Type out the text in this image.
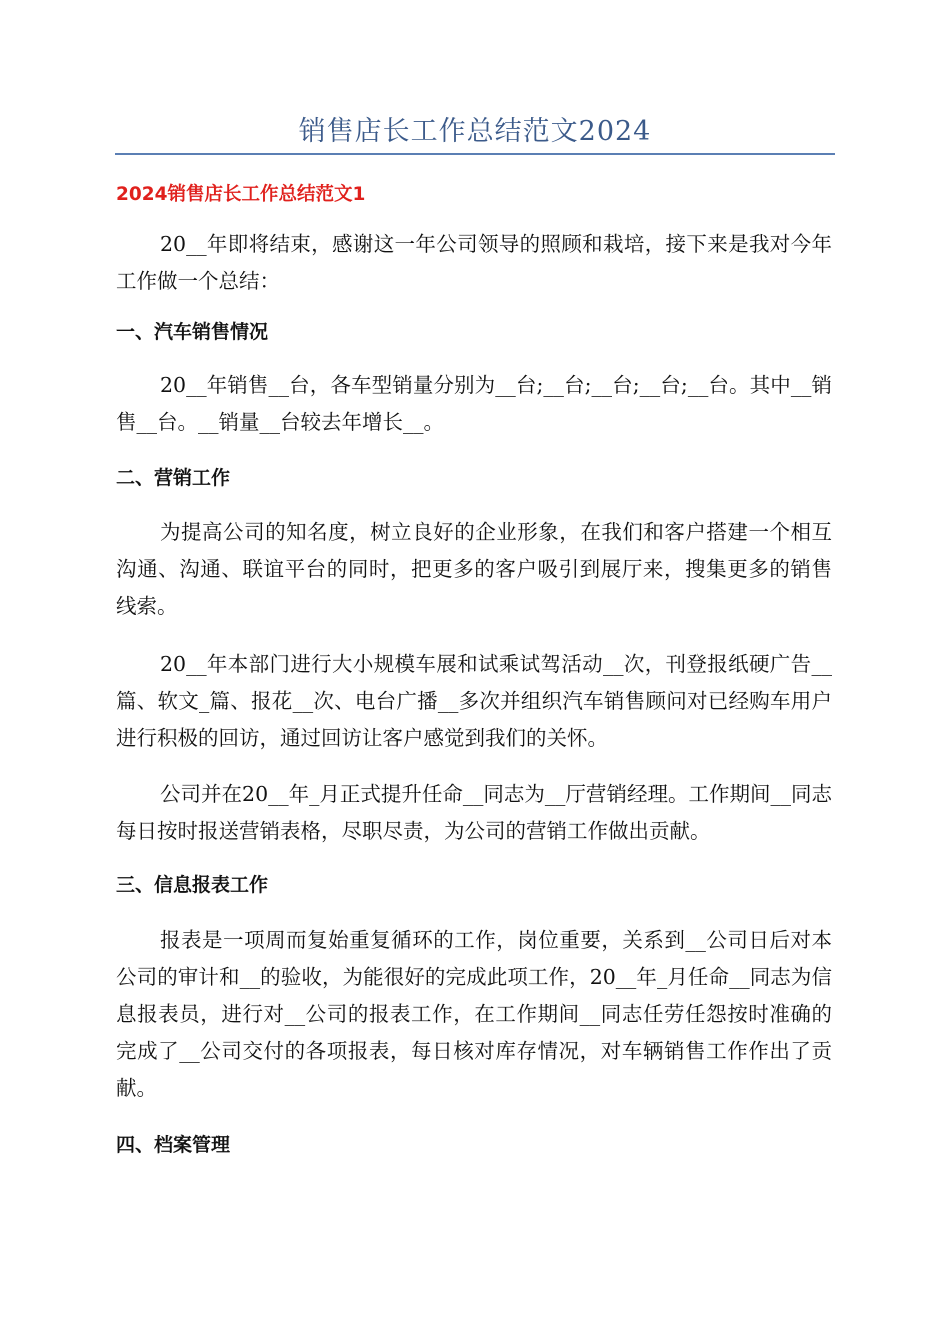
销售店长工作总结范文2024
2024销售店长工作总结范文1

20__年即将结束，感谢这一年公司领导的照顾和栽培，接下来是我对今年工作做一个总结：

一、汽车销售情况

20__年销售__台，各车型销量分别为__台;__台;__台;__台;__台。其中__销售__台。__销量__台较去年增长__。

二、营销工作

为提高公司的知名度，树立良好的企业形象，在我们和客户搭建一个相互沟通、沟通、联谊平台的同时，把更多的客户吸引到展厅来，搜集更多的销售线索。

20__年本部门进行大小规模车展和试乘试驾活动__次，刊登报纸硬广告__篇、软文_篇、报花__次、电台广播__多次并组织汽车销售顾问对已经购车用户进行积极的回访，通过回访让客户感觉到我们的关怀。

公司并在20__年_月正式提升任命__同志为__厅营销经理。工作期间__同志每日按时报送营销表格，尽职尽责，为公司的营销工作做出贡献。

三、信息报表工作

报表是一项周而复始重复循环的工作，岗位重要，关系到__公司日后对本公司的审计和__的验收，为能很好的完成此项工作，20__年_月任命__同志为信息报表员，进行对__公司的报表工作，在工作期间__同志任劳任怨按时准确的完成了__公司交付的各项报表，每日核对库存情况，对车辆销售工作作出了贡献。

四、档案管理
